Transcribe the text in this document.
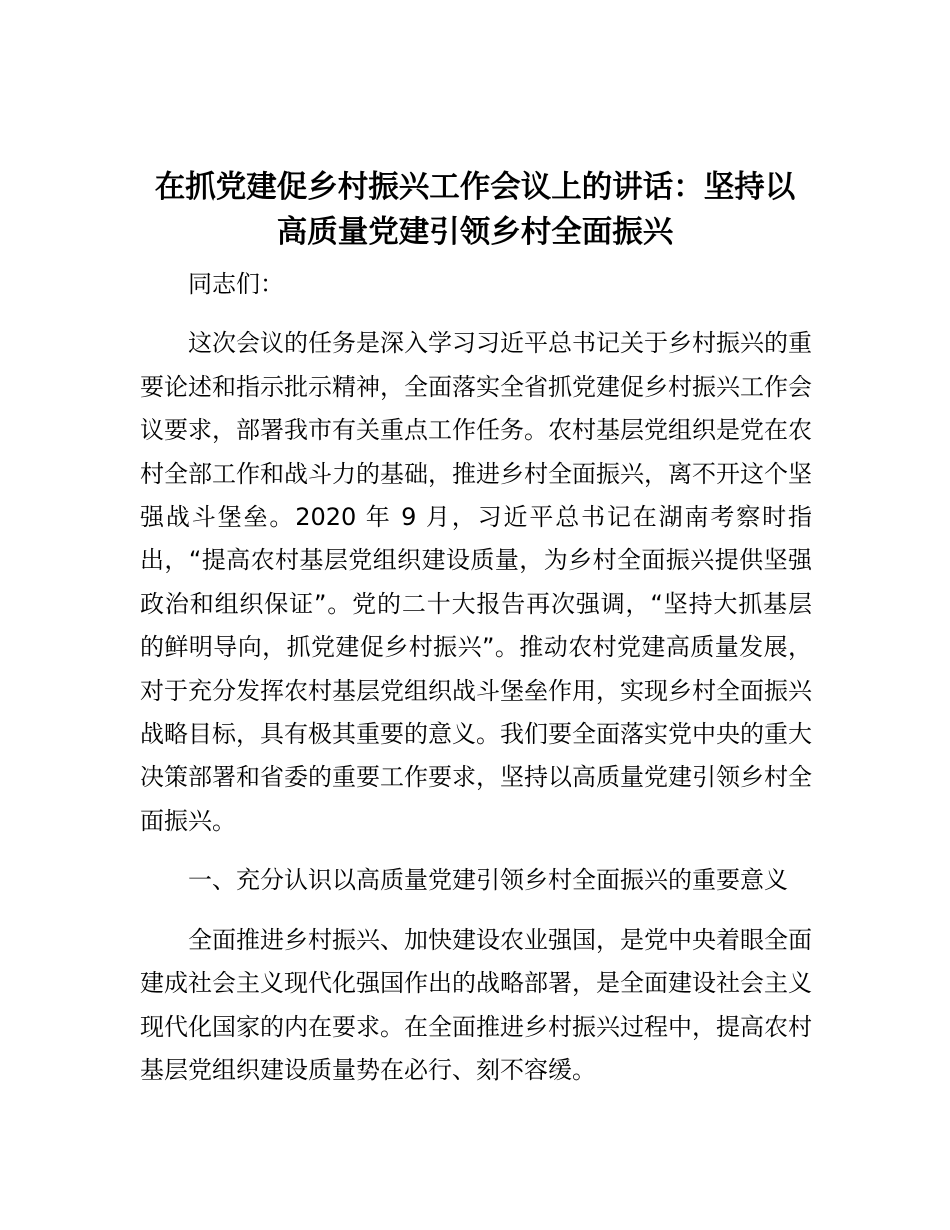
在抓党建促乡村振兴工作会议上的讲话：坚持以高质量党建引领乡村全面振兴

同志们：

这次会议的任务是深入学习习近平总书记关于乡村振兴的重要论述和指示批示精神，全面落实全省抓党建促乡村振兴工作会议要求，部署我市有关重点工作任务。农村基层党组织是党在农村全部工作和战斗力的基础，推进乡村全面振兴，离不开这个坚强战斗堡垒。2020 年 9 月，习近平总书记在湖南考察时指出，“提高农村基层党组织建设质量，为乡村全面振兴提供坚强政治和组织保证”。党的二十大报告再次强调，“坚持大抓基层的鲜明导向，抓党建促乡村振兴”。推动农村党建高质量发展，对于充分发挥农村基层党组织战斗堡垒作用，实现乡村全面振兴战略目标，具有极其重要的意义。我们要全面落实党中央的重大决策部署和省委的重要工作要求，坚持以高质量党建引领乡村全面振兴。

一、充分认识以高质量党建引领乡村全面振兴的重要意义

全面推进乡村振兴、加快建设农业强国，是党中央着眼全面建成社会主义现代化强国作出的战略部署，是全面建设社会主义现代化国家的内在要求。在全面推进乡村振兴过程中，提高农村基层党组织建设质量势在必行、刻不容缓。
